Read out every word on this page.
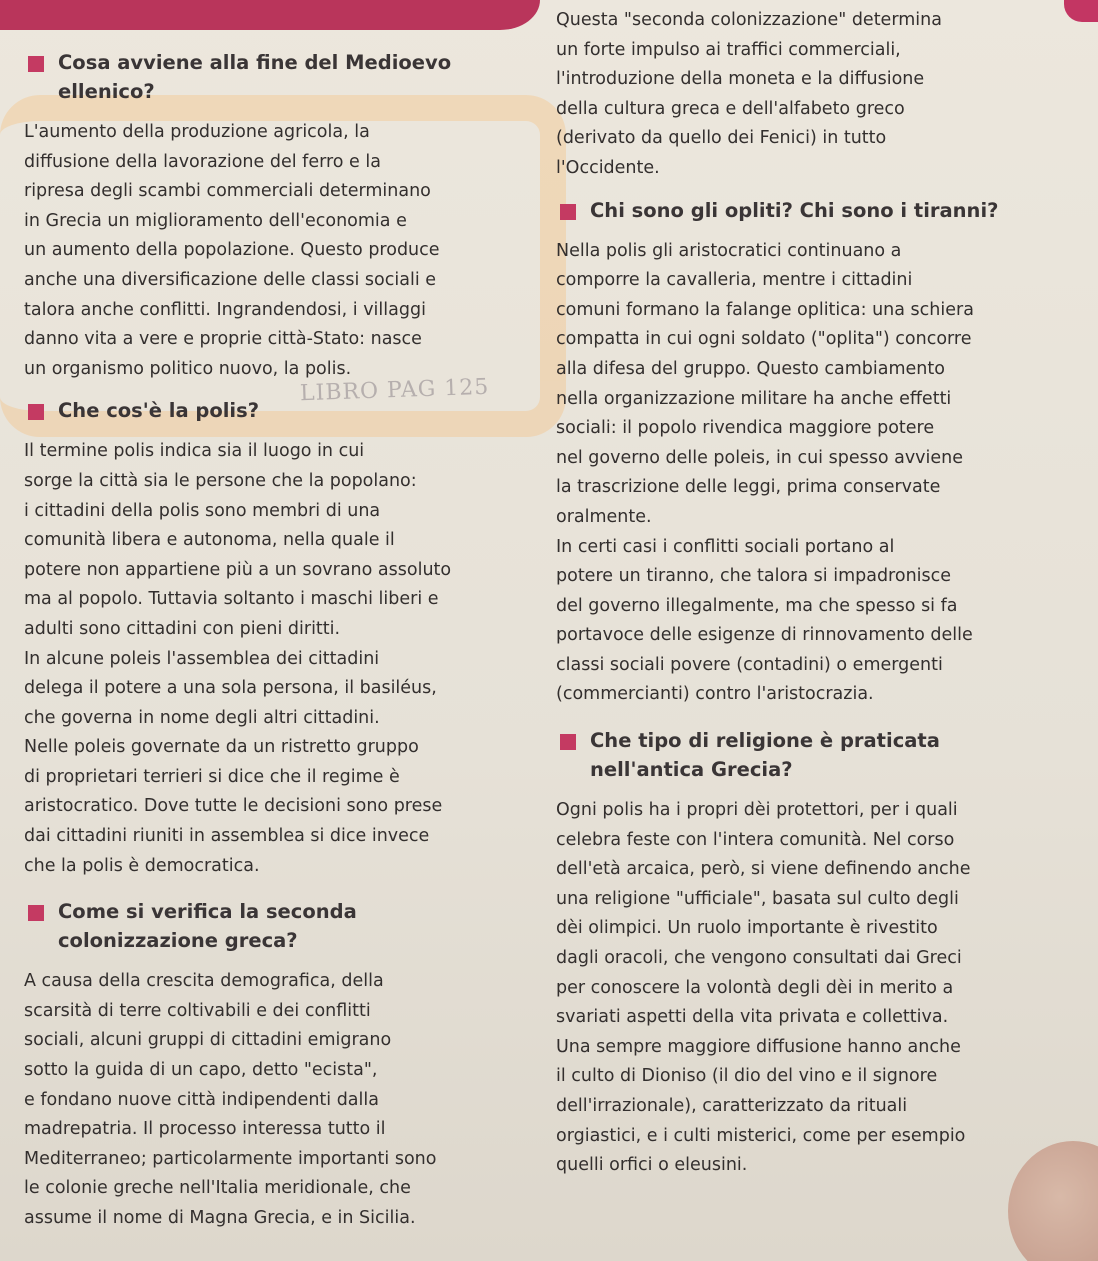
Cosa avviene alla fine del Medioevo
ellenico?

L'aumento della produzione agricola, la
diffusione della lavorazione del ferro e la
ripresa degli scambi commerciali determinano
in Grecia un miglioramento dell'economia e
un aumento della popolazione. Questo produce
anche una diversificazione delle classi sociali e
talora anche conflitti. Ingrandendosi, i villaggi
danno vita a vere e proprie città-Stato: nasce
un organismo politico nuovo, la polis.

Che cos'è la polis?

Il termine polis indica sia il luogo in cui
sorge la città sia le persone che la popolano:
i cittadini della polis sono membri di una
comunità libera e autonoma, nella quale il
potere non appartiene più a un sovrano assoluto
ma al popolo. Tuttavia soltanto i maschi liberi e
adulti sono cittadini con pieni diritti.
In alcune poleis l'assemblea dei cittadini
delega il potere a una sola persona, il basiléus,
che governa in nome degli altri cittadini.
Nelle poleis governate da un ristretto gruppo
di proprietari terrieri si dice che il regime è
aristocratico. Dove tutte le decisioni sono prese
dai cittadini riuniti in assemblea si dice invece
che la polis è democratica.

Come si verifica la seconda
colonizzazione greca?

A causa della crescita demografica, della
scarsità di terre coltivabili e dei conflitti
sociali, alcuni gruppi di cittadini emigrano
sotto la guida di un capo, detto "ecista",
e fondano nuove città indipendenti dalla
madrepatria. Il processo interessa tutto il
Mediterraneo; particolarmente importanti sono
le colonie greche nell'Italia meridionale, che
assume il nome di Magna Grecia, e in Sicilia.

LIBRO PAG 125

Questa "seconda colonizzazione" determina
un forte impulso ai traffici commerciali,
l'introduzione della moneta e la diffusione
della cultura greca e dell'alfabeto greco
(derivato da quello dei Fenici) in tutto
l'Occidente.

Chi sono gli opliti? Chi sono i tiranni?

Nella polis gli aristocratici continuano a
comporre la cavalleria, mentre i cittadini
comuni formano la falange oplitica: una schiera
compatta in cui ogni soldato ("oplita") concorre
alla difesa del gruppo. Questo cambiamento
nella organizzazione militare ha anche effetti
sociali: il popolo rivendica maggiore potere
nel governo delle poleis, in cui spesso avviene
la trascrizione delle leggi, prima conservate
oralmente.
In certi casi i conflitti sociali portano al
potere un tiranno, che talora si impadronisce
del governo illegalmente, ma che spesso si fa
portavoce delle esigenze di rinnovamento delle
classi sociali povere (contadini) o emergenti
(commercianti) contro l'aristocrazia.

Che tipo di religione è praticata
nell'antica Grecia?

Ogni polis ha i propri dèi protettori, per i quali
celebra feste con l'intera comunità. Nel corso
dell'età arcaica, però, si viene definendo anche
una religione "ufficiale", basata sul culto degli
dèi olimpici. Un ruolo importante è rivestito
dagli oracoli, che vengono consultati dai Greci
per conoscere la volontà degli dèi in merito a
svariati aspetti della vita privata e collettiva.
Una sempre maggiore diffusione hanno anche
il culto di Dioniso (il dio del vino e il signore
dell'irrazionale), caratterizzato da rituali
orgiastici, e i culti misterici, come per esempio
quelli orfici o eleusini.
